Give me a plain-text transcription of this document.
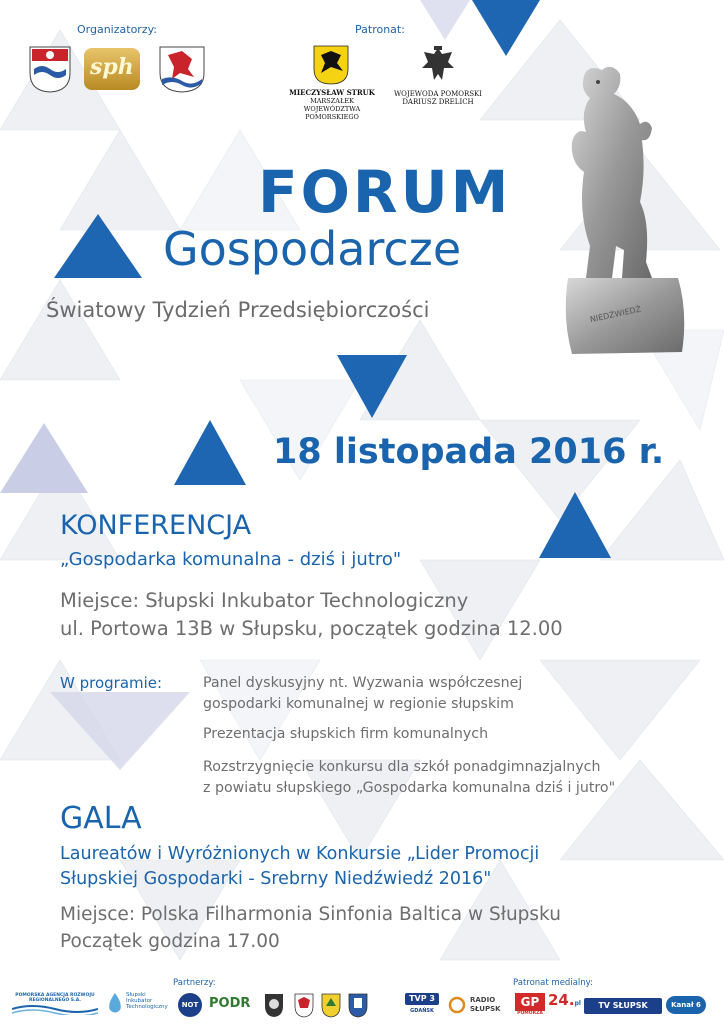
Organizatorzy:	Patronat:
sph
MIECZYSŁAW STRUK
MARSZAŁEK
WOJEWÓDZTWA POMORSKIEGO
WOJEWODA POMORSKI
DARIUSZ DRELICH
NIEDŹWIEDŹ
FORUM
Gospodarcze
Światowy Tydzień Przedsiębiorczości
18 listopada 2016 r.
KONFERENCJA
„Gospodarka komunalna - dziś i jutro"
Miejsce: Słupski Inkubator Technologiczny
ul. Portowa 13B w Słupsku, początek godzina 12.00
W programie:	Panel dyskusyjny nt. Wyzwania współczesnej
gospodarki komunalnej w regionie słupskim
Prezentacja słupskich firm komunalnych
Rozstrzygnięcie konkursu dla szkół ponadgimnazjalnych
z powiatu słupskiego „Gospodarka komunalna dziś i jutro"
GALA
Laureatów i Wyróżnionych w Konkursie „Lider Promocji
Słupskiej Gospodarki - Srebrny Niedźwiedź 2016"
Miejsce: Polska Filharmonia Sinfonia Baltica w Słupsku
Początek godzina 17.00
Partnerzy:	Patronat medialny:
POMORSKA AGENCJA ROZWOJU
REGIONALNEGO S.A.
Słupski
Inkubator
Technologiczny	NOT PODR	TVP 3
GDAŃSK
RADIO
SŁUPSK	GP
POMORZA
24.pl	TV SŁUPSK	Kanał 6
